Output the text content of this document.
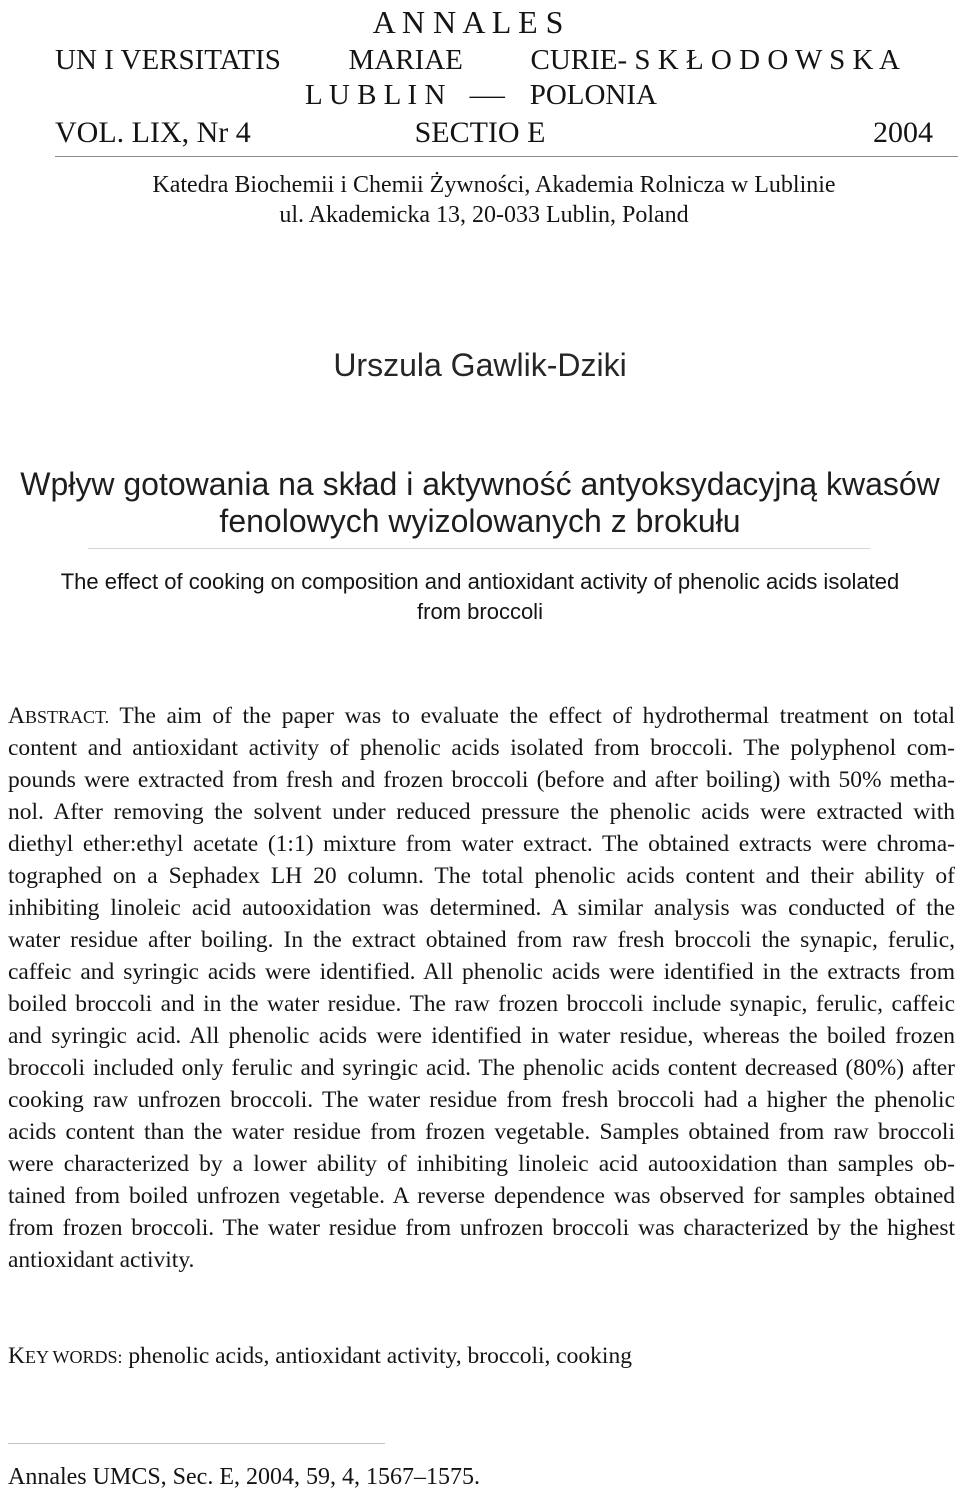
A N N A L E S
UN I VERSITATIS MARIAE CURIE- S K Ł O D O W S K A
L U B L I N – POLONIA
VOL. LIX, Nr 4	SECTIO E	2004
Katedra Biochemii i Chemii Żywności, Akademia Rolnicza w Lublinie
ul. Akademicka 13, 20-033 Lublin, Poland
Urszula Gawlik-Dziki
Wpływ gotowania na skład i aktywność antyoksydacyjną kwasów
fenolowych wyizolowanych z brokułu
The effect of cooking on composition and antioxidant activity of phenolic acids isolated
from broccoli
ABSTRACT. The aim of the paper was to evaluate the effect of hydrothermal treatment on total
content and antioxidant activity of phenolic acids isolated from broccoli. The polyphenol com-
pounds were extracted from fresh and frozen broccoli (before and after boiling) with 50% metha-
nol. After removing the solvent under reduced pressure the phenolic acids were extracted with
diethyl ether:ethyl acetate (1:1) mixture from water extract. The obtained extracts were chroma-
tographed on a Sephadex LH 20 column. The total phenolic acids content and their ability of
inhibiting linoleic acid autooxidation was determined. A similar analysis was conducted of the
water residue after boiling. In the extract obtained from raw fresh broccoli the synapic, ferulic,
caffeic and syringic acids were identified. All phenolic acids were identified in the extracts from
boiled broccoli and in the water residue. The raw frozen broccoli include synapic, ferulic, caffeic
and syringic acid. All phenolic acids were identified in water residue, whereas the boiled frozen
broccoli included only ferulic and syringic acid. The phenolic acids content decreased (80%) after
cooking raw unfrozen broccoli. The water residue from fresh broccoli had a higher the phenolic
acids content than the water residue from frozen vegetable. Samples obtained from raw broccoli
were characterized by a lower ability of inhibiting linoleic acid autooxidation than samples ob-
tained from boiled unfrozen vegetable. A reverse dependence was observed for samples obtained
from frozen broccoli. The water residue from unfrozen broccoli was characterized by the highest
antioxidant activity.
KEY WORDS: phenolic acids, antioxidant activity, broccoli, cooking
Annales UMCS, Sec. E, 2004, 59, 4, 1567–1575.
